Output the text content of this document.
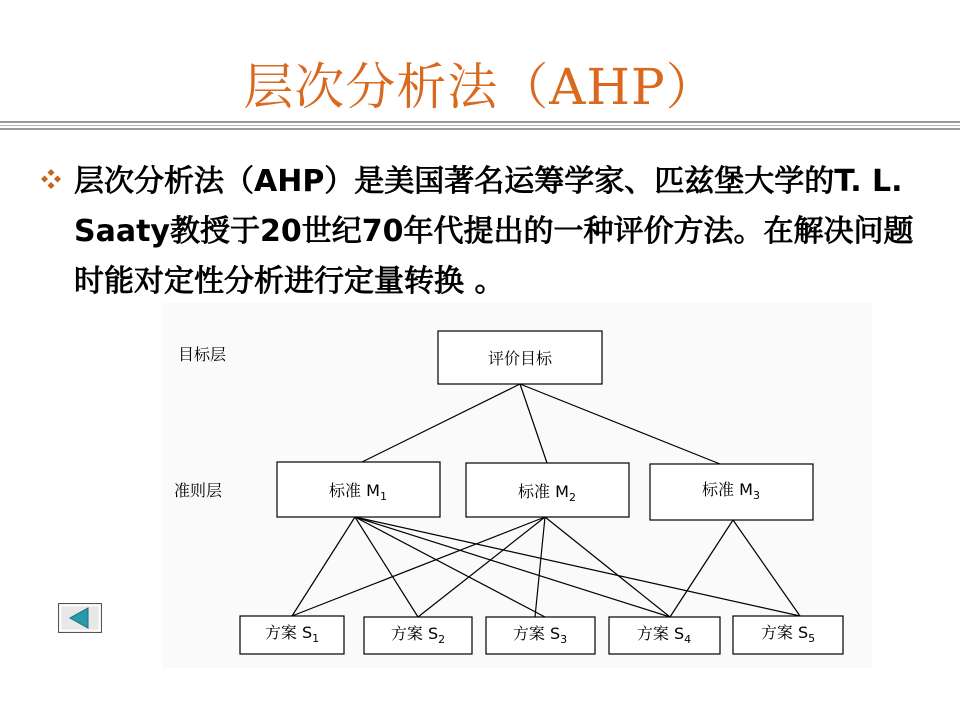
层次分析法（AHP）
层次分析法（AHP）是美国著名运筹学家、匹兹堡大学的T. L. Saaty教授于20世纪70年代提出的一种评价方法。在解决问题时能对定性分析进行定量转换 。
目标层
准则层
评价目标
标准 $M_1$	标准 $M_2$	标准 $M_3$
方案 $S_1$	方案 $S_2$	方案 $S_3$	方案 $S_4$	方案 $S_5$
